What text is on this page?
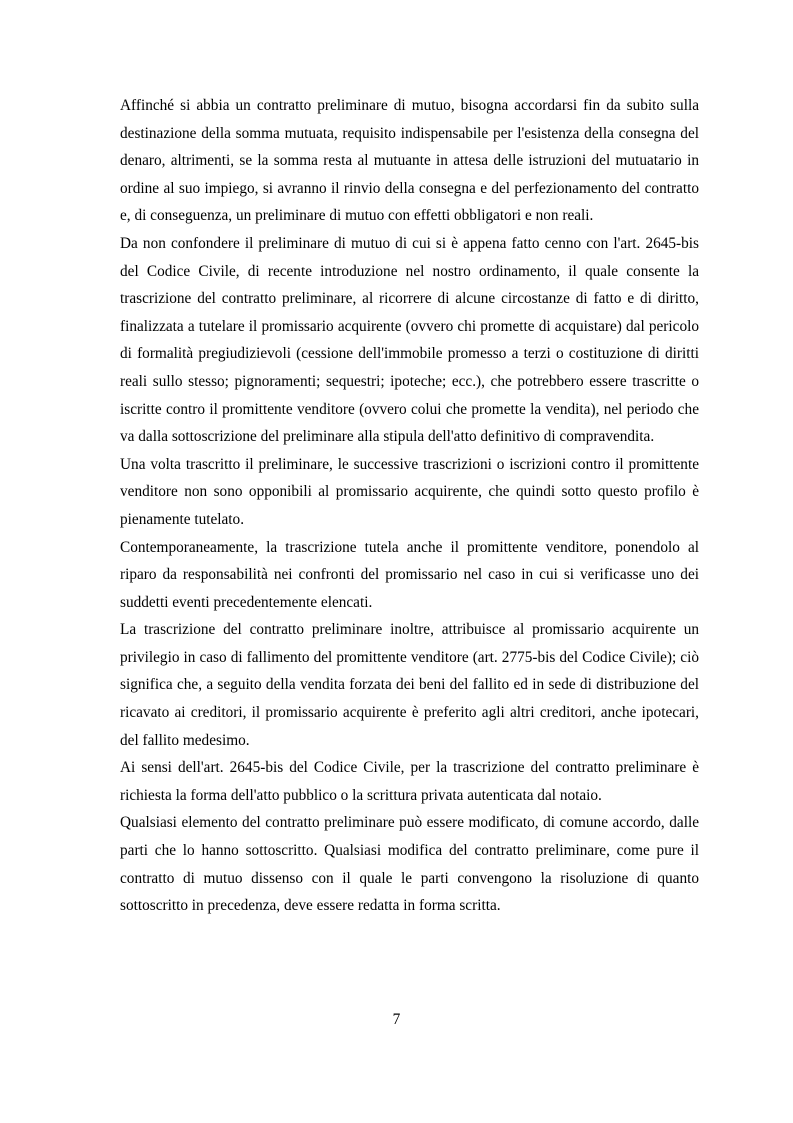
Affinché si abbia un contratto preliminare di mutuo, bisogna accordarsi fin da subito sulla destinazione della somma mutuata, requisito indispensabile per l'esistenza della consegna del denaro, altrimenti, se la somma resta al mutuante in attesa delle istruzioni del mutuatario in ordine al suo impiego, si avranno il rinvio della consegna e del perfezionamento del contratto e, di conseguenza, un preliminare di mutuo con effetti obbligatori e non reali.

Da non confondere il preliminare di mutuo di cui si è appena fatto cenno con l'art. 2645-bis del Codice Civile, di recente introduzione nel nostro ordinamento, il quale consente la trascrizione del contratto preliminare, al ricorrere di alcune circostanze di fatto e di diritto, finalizzata a tutelare il promissario acquirente (ovvero chi promette di acquistare) dal pericolo di formalità pregiudizievoli (cessione dell'immobile promesso a terzi o costituzione di diritti reali sullo stesso; pignoramenti; sequestri; ipoteche; ecc.), che potrebbero essere trascritte o iscritte contro il promittente venditore (ovvero colui che promette la vendita), nel periodo che va dalla sottoscrizione del preliminare alla stipula dell'atto definitivo di compravendita.

Una volta trascritto il preliminare, le successive trascrizioni o iscrizioni contro il promittente venditore non sono opponibili al promissario acquirente, che quindi sotto questo profilo è pienamente tutelato.

Contemporaneamente, la trascrizione tutela anche il promittente venditore, ponendolo al riparo da responsabilità nei confronti del promissario nel caso in cui si verificasse uno dei suddetti eventi precedentemente elencati.

La trascrizione del contratto preliminare inoltre, attribuisce al promissario acquirente un privilegio in caso di fallimento del promittente venditore (art. 2775-bis del Codice Civile); ciò significa che, a seguito della vendita forzata dei beni del fallito ed in sede di distribuzione del ricavato ai creditori, il promissario acquirente è preferito agli altri creditori, anche ipotecari, del fallito medesimo.

Ai sensi dell'art. 2645-bis del Codice Civile, per la trascrizione del contratto preliminare è richiesta la forma dell'atto pubblico o la scrittura privata autenticata dal notaio.

Qualsiasi elemento del contratto preliminare può essere modificato, di comune accordo, dalle parti che lo hanno sottoscritto. Qualsiasi modifica del contratto preliminare, come pure il contratto di mutuo dissenso con il quale le parti convengono la risoluzione di quanto sottoscritto in precedenza, deve essere redatta in forma scritta.

7
